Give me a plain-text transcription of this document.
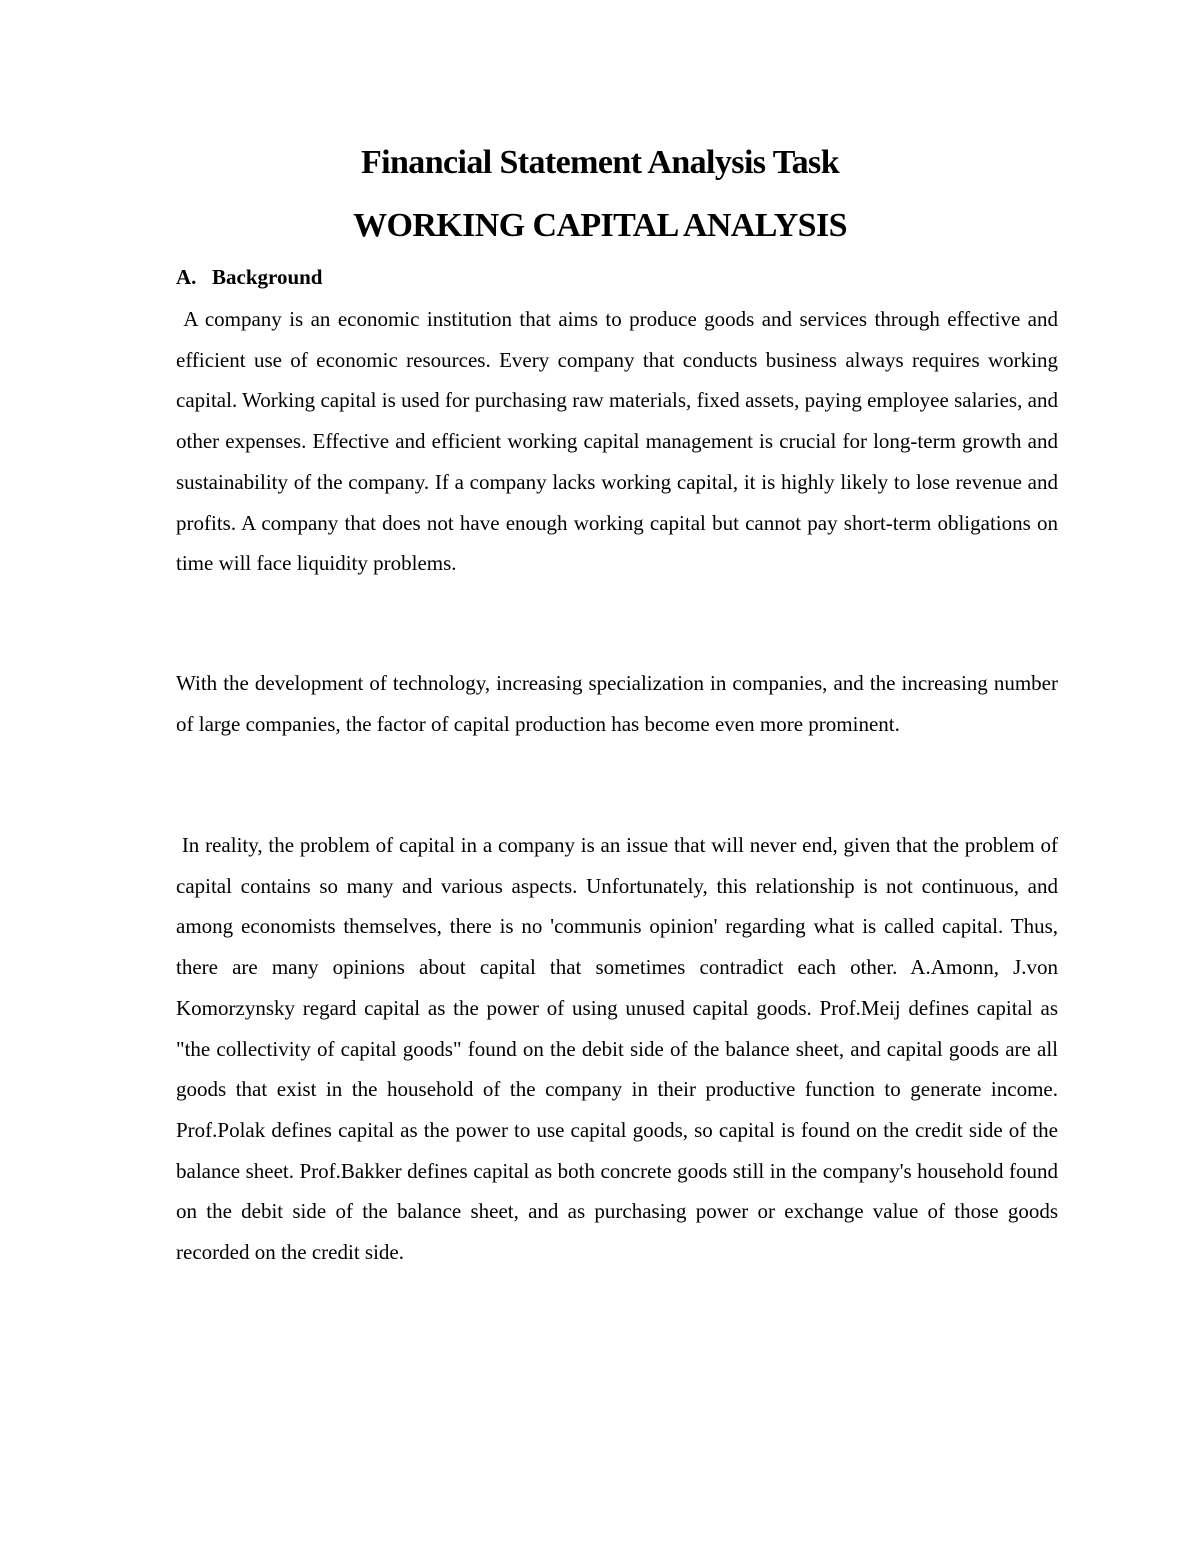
Financial Statement Analysis Task
WORKING CAPITAL ANALYSIS
A. Background

A company is an economic institution that aims to produce goods and services through effective and efficient use of economic resources. Every company that conducts business always requires working capital. Working capital is used for purchasing raw materials, fixed assets, paying employee salaries, and other expenses. Effective and efficient working capital management is crucial for long-term growth and sustainability of the company. If a company lacks working capital, it is highly likely to lose revenue and profits. A company that does not have enough working capital but cannot pay short-term obligations on time will face liquidity problems.

With the development of technology, increasing specialization in companies, and the increasing number of large companies, the factor of capital production has become even more prominent.

In reality, the problem of capital in a company is an issue that will never end, given that the problem of capital contains so many and various aspects. Unfortunately, this relationship is not continuous, and among economists themselves, there is no 'communis opinion' regarding what is called capital. Thus, there are many opinions about capital that sometimes contradict each other. A.Amonn, J.von Komorzynsky regard capital as the power of using unused capital goods. Prof.Meij defines capital as "the collectivity of capital goods" found on the debit side of the balance sheet, and capital goods are all goods that exist in the household of the company in their productive function to generate income. Prof.Polak defines capital as the power to use capital goods, so capital is found on the credit side of the balance sheet. Prof.Bakker defines capital as both concrete goods still in the company's household found on the debit side of the balance sheet, and as purchasing power or exchange value of those goods recorded on the credit side.
